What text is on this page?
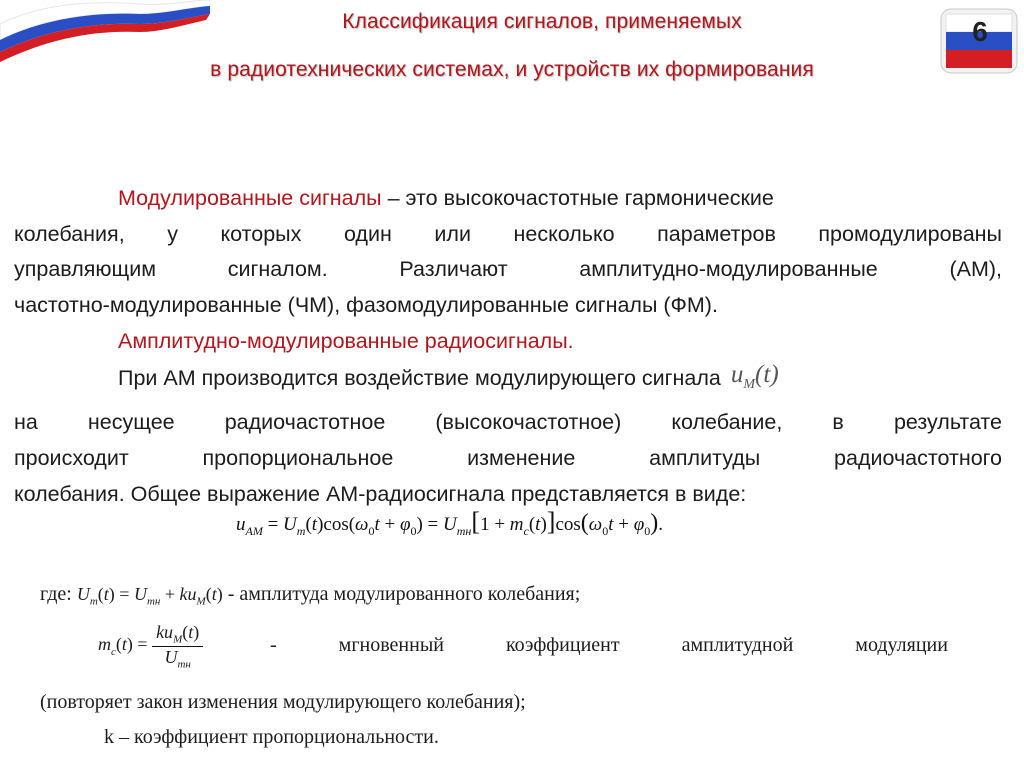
Классификация сигналов, применяемых
в радиотехнических системах, и устройств их формирования
6

Модулированные сигналы – это высокочастотные гармонические

колебания, у которых один или несколько параметров промодулированы

управляющим сигналом. Различают амплитудно-модулированные (АМ),

частотно-модулированные (ЧМ), фазомодулированные сигналы (ФМ).

Амплитудно-модулированные радиосигналы.

При АМ производится воздействие модулирующего сигнала $u_M(t)$

на несущее радиочастотное (высокочастотное) колебание, в результате

происходит пропорциональное изменение амплитуды радиочастотного

колебания. Общее выражение АМ-радиосигнала представляется в виде:

$u_{AM} = U_m(t)\cos(\omega_0t + \varphi_0) = U_{mн}[1 + m_c(t)]\cos(\omega_0t + \varphi_0)$.
где: $U_m(t) = U_{mн} + ku_M(t)$ - амплитуда модулированного колебания;
$m_c(t) = \frac{ku_M(t)}{U_{mн}}$	-	мгновенный	коэффициент	амплитудной	модуляции
(повторяет закон изменения модулирующего колебания);
k – коэффициент пропорциональности.
